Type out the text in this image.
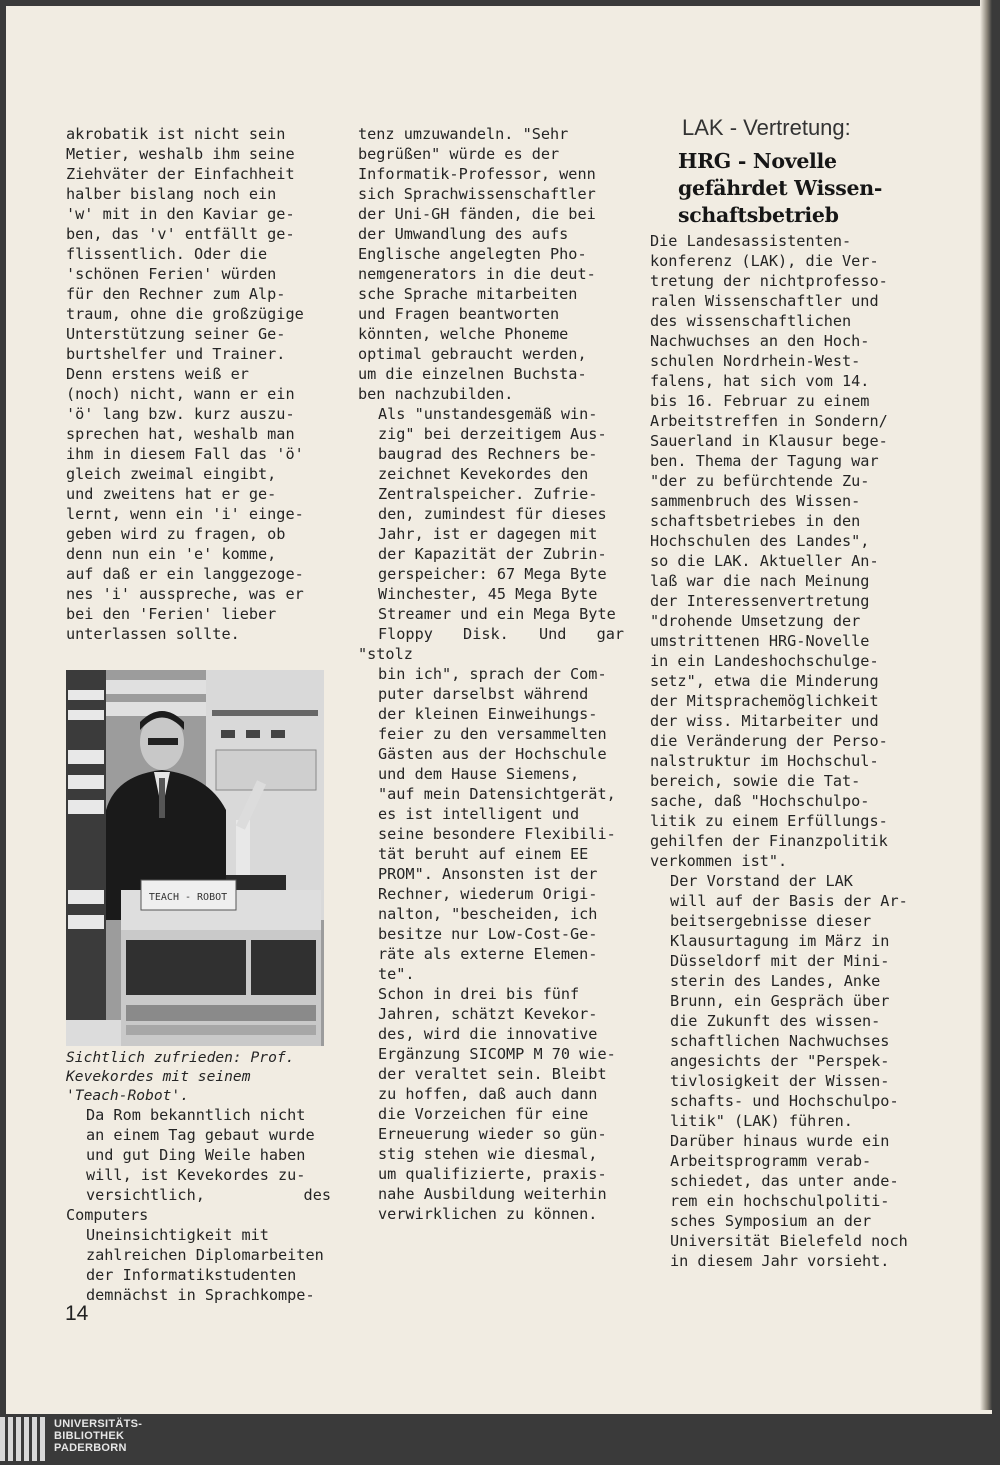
akrobatik ist nicht sein
Metier, weshalb ihm seine
Ziehväter der Einfachheit
halber bislang noch ein
'w' mit in den Kaviar ge-
ben, das 'v' entfällt ge-
flissentlich. Oder die
'schönen Ferien' würden
für den Rechner zum Alp-
traum, ohne die großzügige
Unterstützung seiner Ge-
burtshelfer und Trainer.
Denn erstens weiß er
(noch) nicht, wann er ein
'ö' lang bzw. kurz auszu-
sprechen hat, weshalb man
ihm in diesem Fall das 'ö'
gleich zweimal eingibt,
und zweitens hat er ge-
lernt, wenn ein 'i' einge-
geben wird zu fragen, ob
denn nun ein 'e' komme,
auf daß er ein langgezoge-
nes 'i' ausspreche, was er
bei den 'Ferien' lieber
unterlassen sollte.

TEACH - ROBOT

Sichtlich zufrieden: Prof.
Kevekordes mit seinem
'Teach-Robot'.

Da Rom bekanntlich nicht
an einem Tag gebaut wurde
und gut Ding Weile haben
will, ist Kevekordes zu-
versichtlich, des Computers
Uneinsichtigkeit mit
zahlreichen Diplomarbeiten
der Informatikstudenten
demnächst in Sprachkompe-

tenz umzuwandeln. "Sehr
begrüßen" würde es der
Informatik-Professor, wenn
sich Sprachwissenschaftler
der Uni-GH fänden, die bei
der Umwandlung des aufs
Englische angelegten Pho-
nemgenerators in die deut-
sche Sprache mitarbeiten
und Fragen beantworten
könnten, welche Phoneme
optimal gebraucht werden,
um die einzelnen Buchsta-
ben nachzubilden.

Als "unstandesgemäß win-
zig" bei derzeitigem Aus-
baugrad des Rechners be-
zeichnet Kevekordes den
Zentralspeicher. Zufrie-
den, zumindest für dieses
Jahr, ist er dagegen mit
der Kapazität der Zubrin-
gerspeicher: 67 Mega Byte
Winchester, 45 Mega Byte
Streamer und ein Mega Byte
Floppy Disk. Und gar "stolz
bin ich", sprach der Com-
puter darselbst während
der kleinen Einweihungs-
feier zu den versammelten
Gästen aus der Hochschule
und dem Hause Siemens,
"auf mein Datensichtgerät,
es ist intelligent und
seine besondere Flexibili-
tät beruht auf einem EE
PROM". Ansonsten ist der
Rechner, wiederum Origi-
nalton, "bescheiden, ich
besitze nur Low-Cost-Ge-
räte als externe Elemen-
te".

Schon in drei bis fünf
Jahren, schätzt Kevekor-
des, wird die innovative
Ergänzung SICOMP M 70 wie-
der veraltet sein. Bleibt
zu hoffen, daß auch dann
die Vorzeichen für eine
Erneuerung wieder so gün-
stig stehen wie diesmal,
um qualifizierte, praxis-
nahe Ausbildung weiterhin
verwirklichen zu können.

LAK - Vertretung:
HRG - Novelle
gefährdet Wissen-
schaftsbetrieb

Die Landesassistenten-
konferenz (LAK), die Ver-
tretung der nichtprofesso-
ralen Wissenschaftler und
des wissenschaftlichen
Nachwuchses an den Hoch-
schulen Nordrhein-West-
falens, hat sich vom 14.
bis 16. Februar zu einem
Arbeitstreffen in Sondern/
Sauerland in Klausur bege-
ben. Thema der Tagung war
"der zu befürchtende Zu-
sammenbruch des Wissen-
schaftsbetriebes in den
Hochschulen des Landes",
so die LAK. Aktueller An-
laß war die nach Meinung
der Interessenvertretung
"drohende Umsetzung der
umstrittenen HRG-Novelle
in ein Landeshochschulge-
setz", etwa die Minderung
der Mitsprachemöglichkeit
der wiss. Mitarbeiter und
die Veränderung der Perso-
nalstruktur im Hochschul-
bereich, sowie die Tat-
sache, daß "Hochschulpo-
litik zu einem Erfüllungs-
gehilfen der Finanzpolitik
verkommen ist".

Der Vorstand der LAK
will auf der Basis der Ar-
beitsergebnisse dieser
Klausurtagung im März in
Düsseldorf mit der Mini-
sterin des Landes, Anke
Brunn, ein Gespräch über
die Zukunft des wissen-
schaftlichen Nachwuchses
angesichts der "Perspek-
tivlosigkeit der Wissen-
schafts- und Hochschulpo-
litik" (LAK) führen.

Darüber hinaus wurde ein
Arbeitsprogramm verab-
schiedet, das unter ande-
rem ein hochschulpoliti-
sches Symposium an der
Universität Bielefeld noch
in diesem Jahr vorsieht.

14
UNIVERSITÄTS-
BIBLIOTHEK
PADERBORN
